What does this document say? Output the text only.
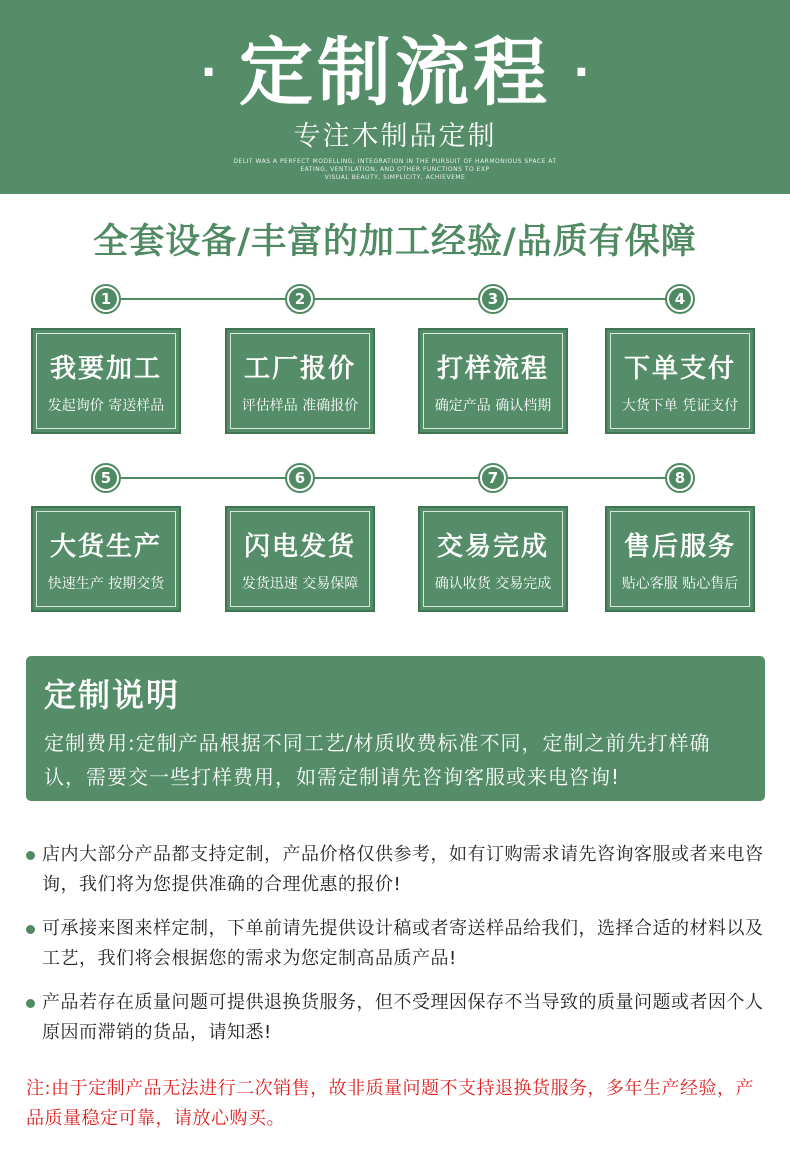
· 定制流程 ·
专注木制品定制
DELIT WAS A PERFECT MODELLING, INTEGRATION IN THE PURSUIT OF HARMONIOUS SPACE AT
EATING, VENTILATION, AND OTHER FUNCTIONS TO EXP
VISUAL BEAUTY, SIMPLICITY, ACHIEVEME
全套设备/丰富的加工经验/品质有保障
1	2	3	4
我要加工
发起询价 寄送样品
工厂报价
评估样品 准确报价
打样流程
确定产品 确认档期
下单支付
大货下单 凭证支付
5	6	7	8
大货生产
快速生产 按期交货
闪电发货
发货迅速 交易保障
交易完成
确认收货 交易完成
售后服务
贴心客服 贴心售后
定制说明
定制费用:定制产品根据不同工艺/材质收费标准不同，定制之前先打样确认，需要交一些打样费用，如需定制请先咨询客服或来电咨询!
店内大部分产品都支持定制，产品价格仅供参考，如有订购需求请先咨询客服或者来电咨询，我们将为您提供准确的合理优惠的报价!
可承接来图来样定制，下单前请先提供设计稿或者寄送样品给我们，选择合适的材料以及工艺，我们将会根据您的需求为您定制高品质产品!
产品若存在质量问题可提供退换货服务，但不受理因保存不当导致的质量问题或者因个人原因而滞销的货品，请知悉!
注:由于定制产品无法进行二次销售，故非质量问题不支持退换货服务，多年生产经验，产品质量稳定可靠，请放心购买。
